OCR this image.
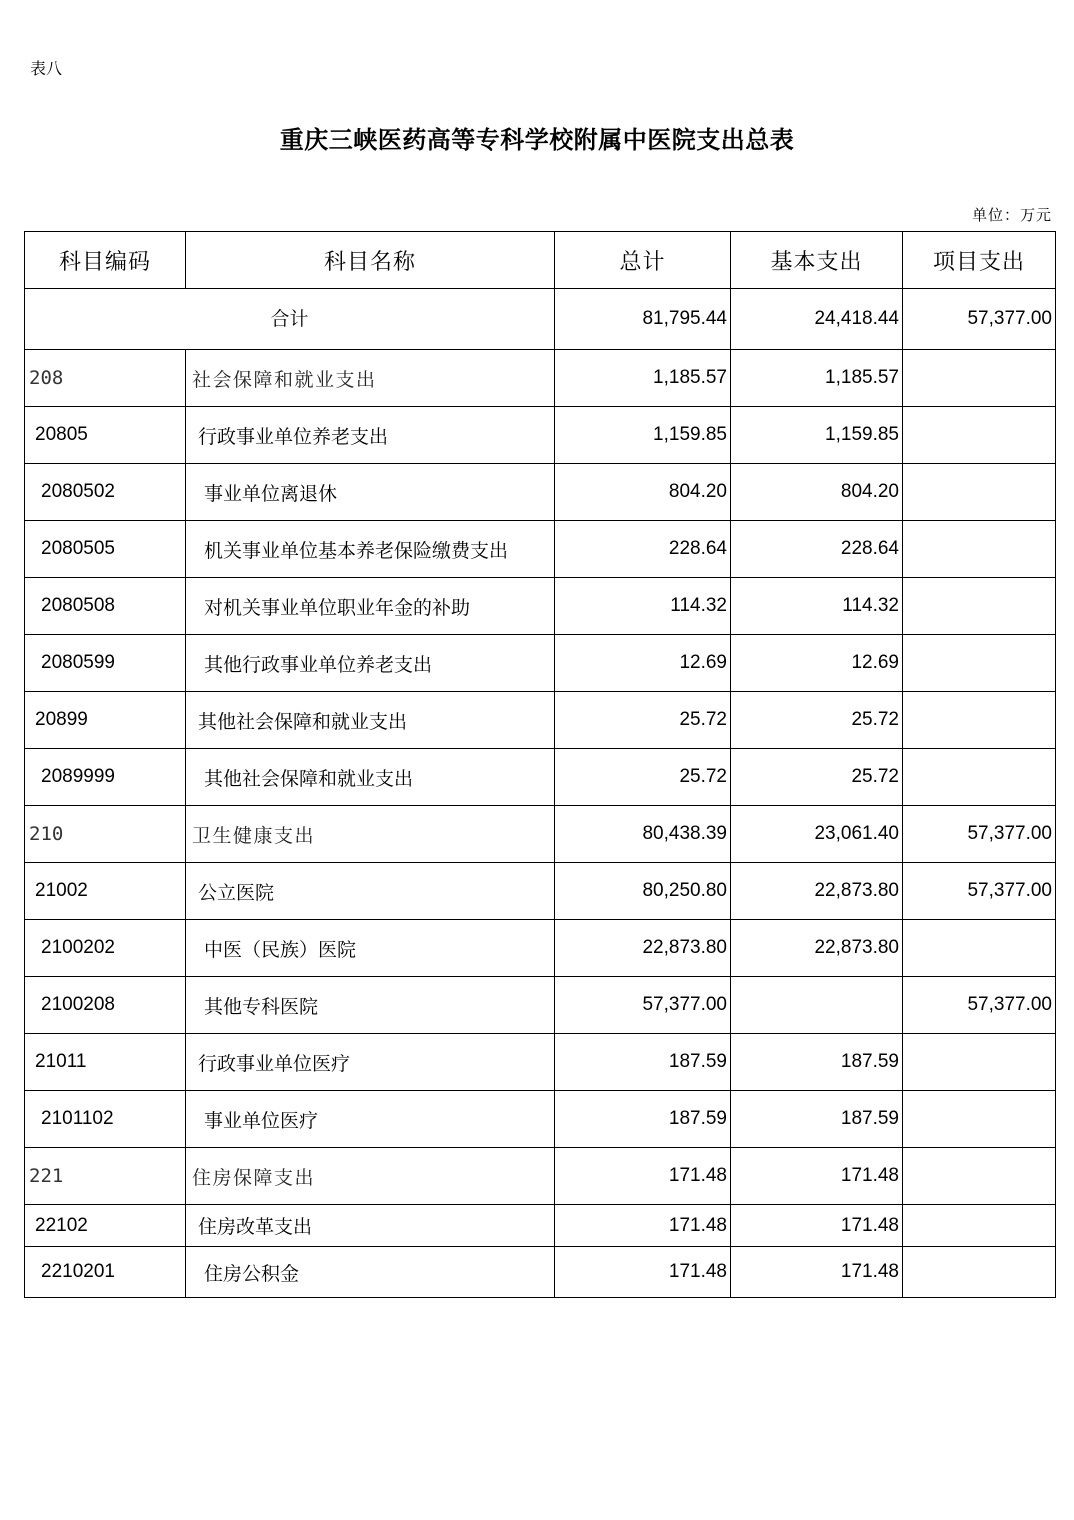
表八
重庆三峡医药高等专科学校附属中医院支出总表
单位：万元
科目编码	科目名称	总计	基本支出	项目支出
合计		81,795.44	24,418.44	57,377.00
208	社会保障和就业支出	1,185.57	1,185.57	
20805	行政事业单位养老支出	1,159.85	1,159.85	
2080502	事业单位离退休	804.20	804.20	
2080505	机关事业单位基本养老保险缴费支出	228.64	228.64	
2080508	对机关事业单位职业年金的补助	114.32	114.32	
2080599	其他行政事业单位养老支出	12.69	12.69	
20899	其他社会保障和就业支出	25.72	25.72	
2089999	其他社会保障和就业支出	25.72	25.72	
210	卫生健康支出	80,438.39	23,061.40	57,377.00
21002	公立医院	80,250.80	22,873.80	57,377.00
2100202	中医（民族）医院	22,873.80	22,873.80	
2100208	其他专科医院	57,377.00		57,377.00
21011	行政事业单位医疗	187.59	187.59	
2101102	事业单位医疗	187.59	187.59	
221	住房保障支出	171.48	171.48	
22102	住房改革支出	171.48	171.48	
2210201	住房公积金	171.48	171.48	
